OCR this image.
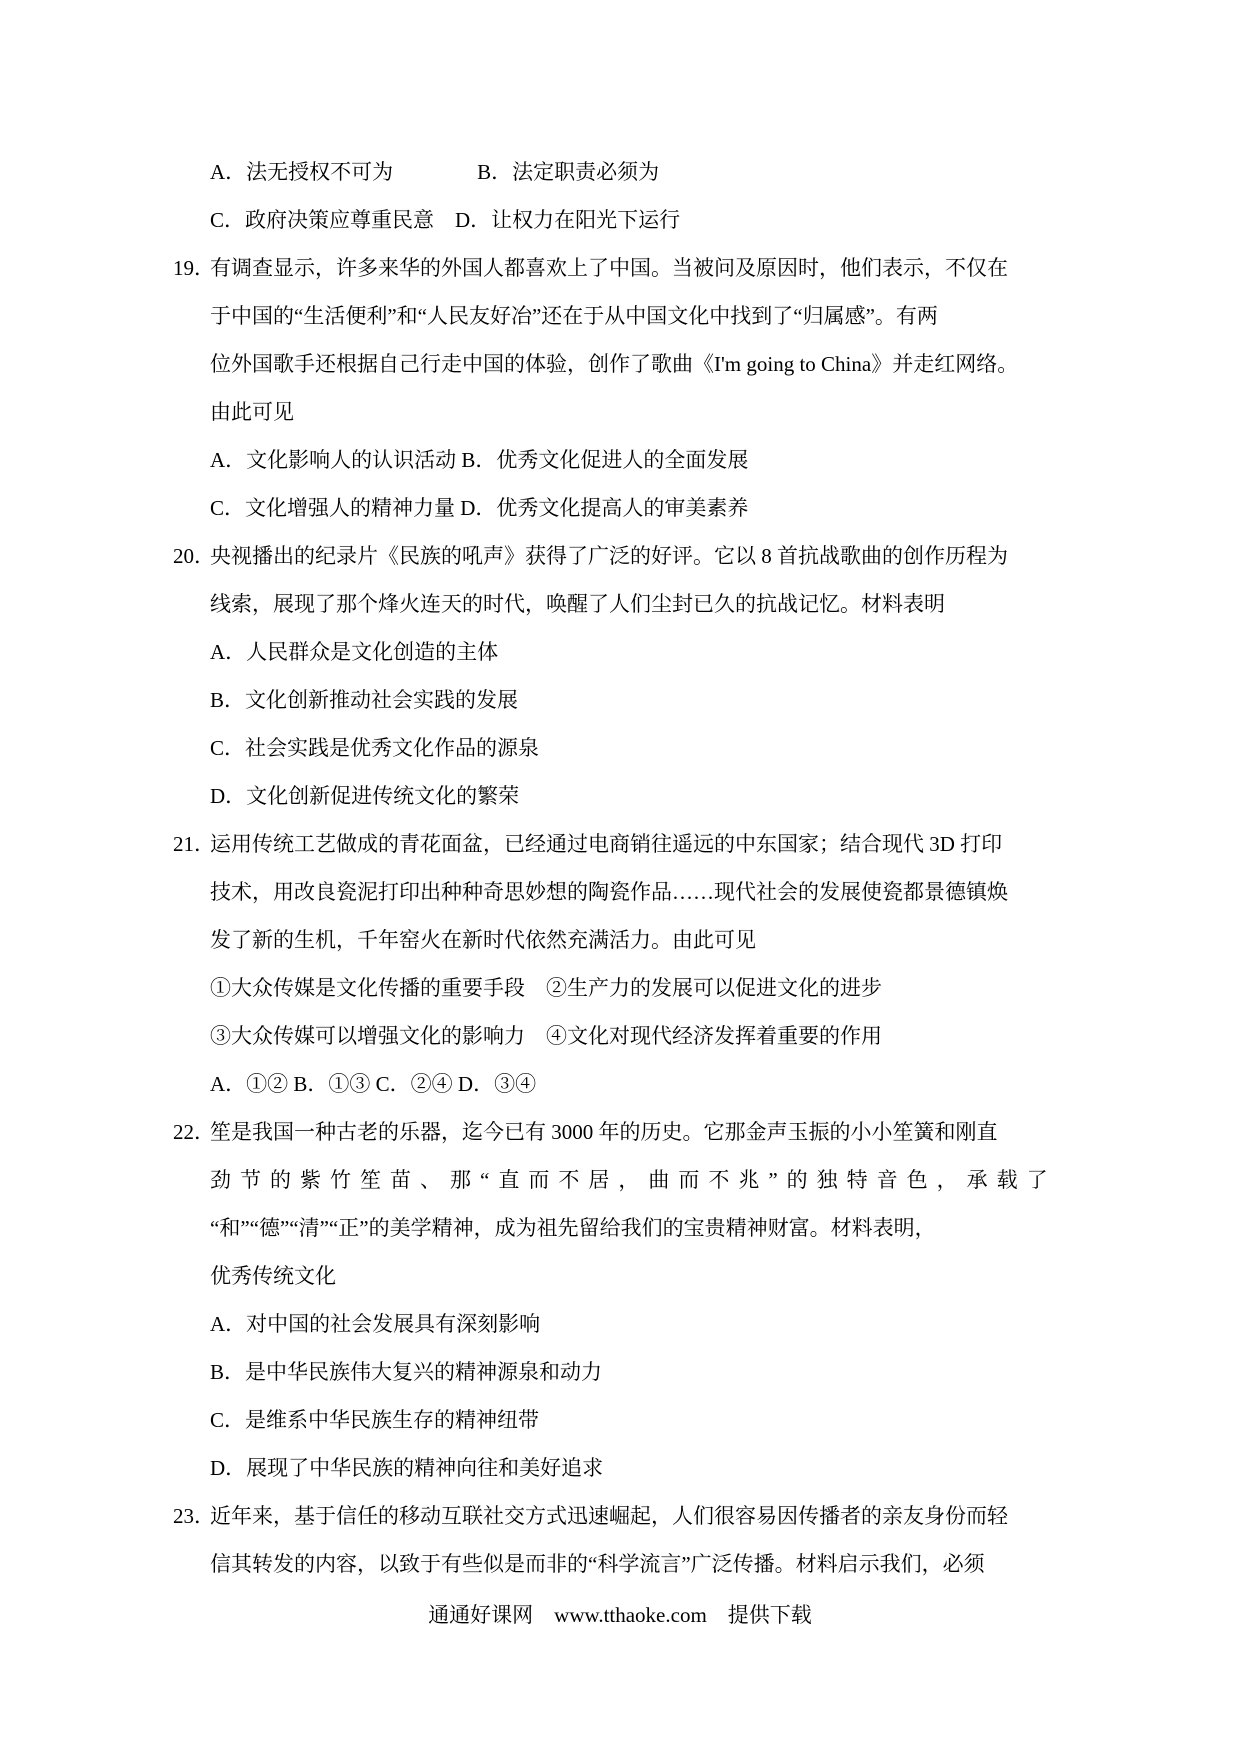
A．法无授权不可为　　　　B．法定职责必须为

C．政府决策应尊重民意　D．让权力在阳光下运行

19．
有调查显示，许多来华的外国人都喜欢上了中国。当被问及原因时，他们表示，不仅在

于中国的“生活便利”和“人民友好冶”还在于从中国文化中找到了“归属感”。有两

位外国歌手还根据自己行走中国的体验，创作了歌曲《I'm going to China》并走红网络。

由此可见

A．文化影响人的认识活动 B．优秀文化促进人的全面发展

C．文化增强人的精神力量 D．优秀文化提高人的审美素养

20．
央视播出的纪录片《民族的吼声》获得了广泛的好评。它以 8 首抗战歌曲的创作历程为

线索，展现了那个烽火连天的时代，唤醒了人们尘封已久的抗战记忆。材料表明

A．人民群众是文化创造的主体

B．文化创新推动社会实践的发展

C．社会实践是优秀文化作品的源泉

D．文化创新促进传统文化的繁荣

21．
运用传统工艺做成的青花面盆，已经通过电商销往遥远的中东国家；结合现代 3D 打印

技术，用改良瓷泥打印出种种奇思妙想的陶瓷作品……现代社会的发展使瓷都景德镇焕

发了新的生机，千年窑火在新时代依然充满活力。由此可见

①大众传媒是文化传播的重要手段　②生产力的发展可以促进文化的进步

③大众传媒可以增强文化的影响力　④文化对现代经济发挥着重要的作用

A．①② B．①③ C．②④ D．③④

22．
笙是我国一种古老的乐器，迄今已有 3000 年的历史。它那金声玉振的小小笙簧和刚直

劲节的紫竹笙苗、那“直而不居，曲而不兆”的独特音色，承载了

“和”“德”“清”“正”的美学精神，成为祖先留给我们的宝贵精神财富。材料表明，

优秀传统文化

A．对中国的社会发展具有深刻影响

B．是中华民族伟大复兴的精神源泉和动力

C．是维系中华民族生存的精神纽带

D．展现了中华民族的精神向往和美好追求

23．
近年来，基于信任的移动互联社交方式迅速崛起，人们很容易因传播者的亲友身份而轻

信其转发的内容，以致于有些似是而非的“科学流言”广泛传播。材料启示我们，必须

通通好课网　www.tthaoke.com　提供下载
